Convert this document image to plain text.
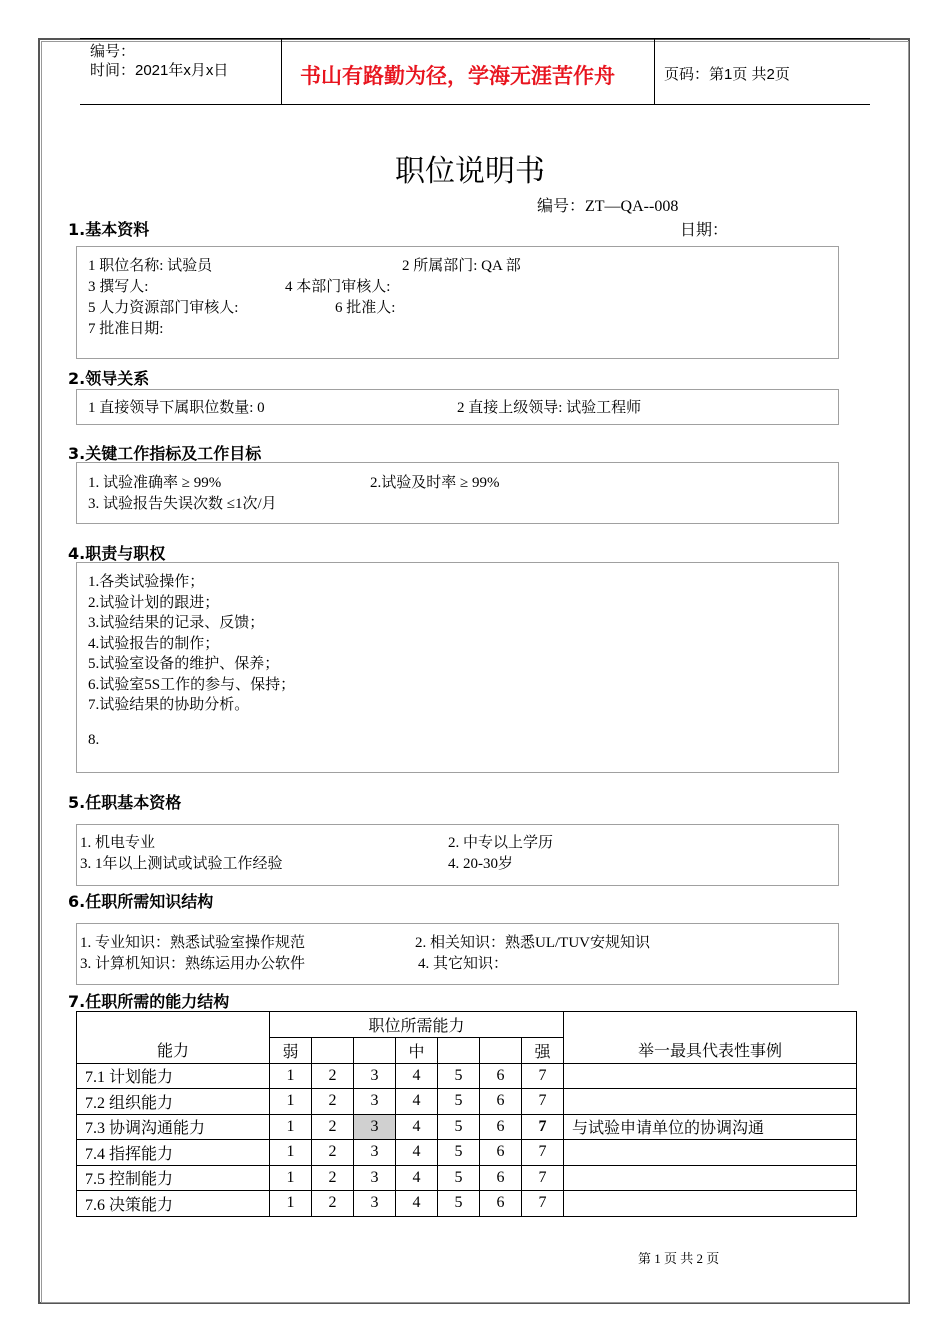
编号：
时间：2021年x月x日	书山有路勤为径，学海无涯苦作舟	页码：第1页 共2页
职位说明书
编号：ZT—QA--008
日期：
1.基本资料
1 职位名称: 试验员	2 所属部门: QA 部
3 撰写人:	4 本部门审核人:
5 人力资源部门审核人:	6 批准人:
7 批准日期:
2.领导关系
1 直接领导下属职位数量: 0	2 直接上级领导: 试验工程师
3.关键工作指标及工作目标
1. 试验准确率 ≥ 99%	2.试验及时率 ≥ 99%
3. 试验报告失误次数 ≤1次/月
4.职责与职权
1.各类试验操作；
2.试验计划的跟进；
3.试验结果的记录、反馈；
4.试验报告的制作；
5.试验室设备的维护、保养；
6.试验室5S工作的参与、保持；
7.试验结果的协助分析。
8.
5.任职基本资格
1. 机电专业	2. 中专以上学历
3. 1年以上测试或试验工作经验	4. 20-30岁
6.任职所需知识结构
1. 专业知识：熟悉试验室操作规范	2. 相关知识：熟悉UL/TUV安规知识
3. 计算机知识：熟练运用办公软件	4. 其它知识：
7.任职所需的能力结构
能力	职位所需能力							举一最具代表性事例
	弱			中			强	
7.1 计划能力	1	2	3	4	5	6	7	
7.2 组织能力	1	2	3	4	5	6	7	
7.3 协调沟通能力	1	2	3	4	5	6	7	与试验申请单位的协调沟通
7.4 指挥能力	1	2	3	4	5	6	7	
7.5 控制能力	1	2	3	4	5	6	7	
7.6 决策能力	1	2	3	4	5	6	7	
第 1 页 共 2 页
